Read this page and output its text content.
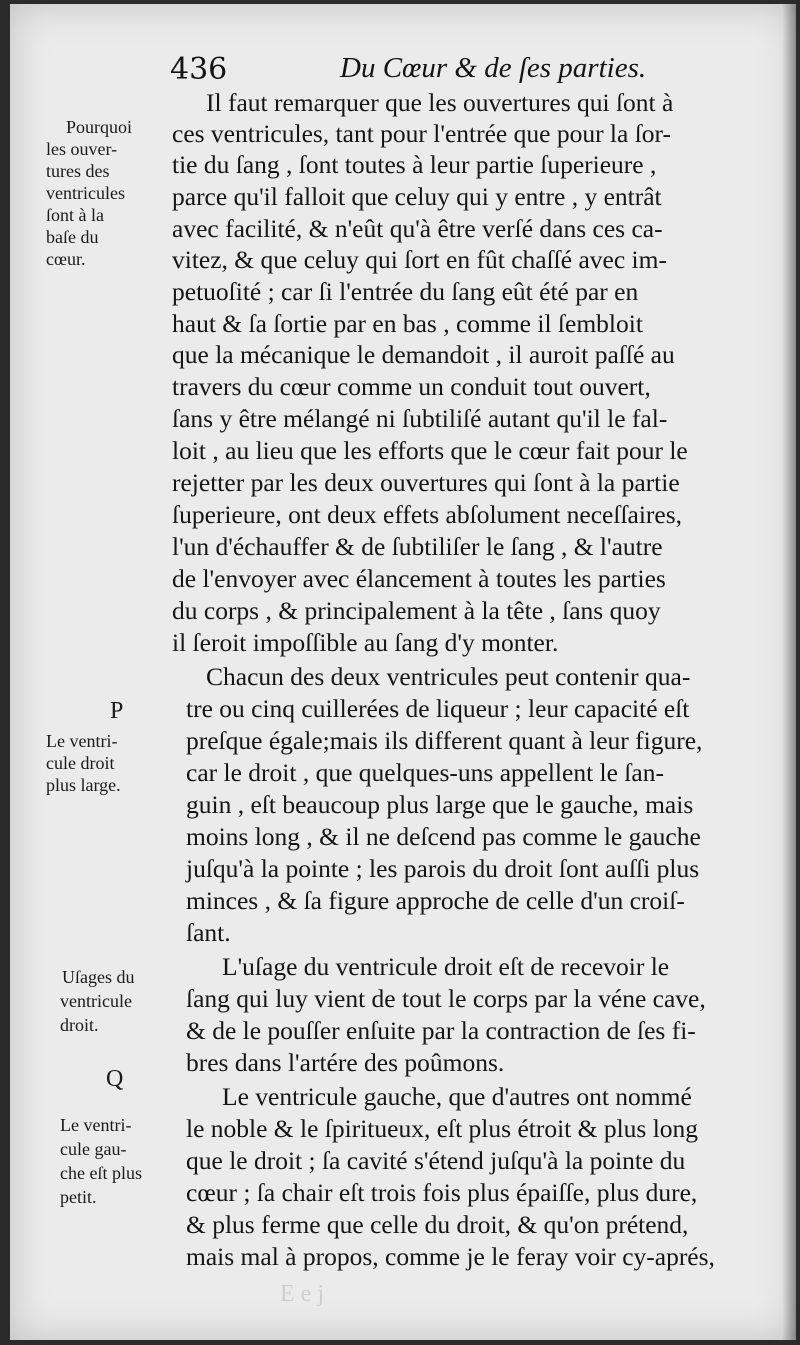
436	Du Cœur & de ſes parties.
Il faut remarquer que les ouvertures qui ſont à
ces ventricules, tant pour l'entrée que pour la ſor-
tie du ſang , ſont toutes à leur partie ſuperieure ,
parce qu'il falloit que celuy qui y entre , y entrât
avec facilité, & n'eût qu'à être verſé dans ces ca-
vitez, & que celuy qui ſort en fût chaſſé avec im-
petuoſité ; car ſi l'entrée du ſang eût été par en
haut & ſa ſortie par en bas , comme il ſembloit
que la mécanique le demandoit , il auroit paſſé au
travers du cœur comme un conduit tout ouvert,
ſans y être mélangé ni ſubtiliſé autant qu'il le fal-
loit , au lieu que les efforts que le cœur fait pour le
rejetter par les deux ouvertures qui ſont à la partie
ſuperieure, ont deux effets abſolument neceſſaires,
l'un d'échauffer & de ſubtiliſer le ſang , & l'autre
de l'envoyer avec élancement à toutes les parties
du corps , & principalement à la tête , ſans quoy
il ſeroit impoſſible au ſang d'y monter.
Chacun des deux ventricules peut contenir qua-
tre ou cinq cuillerées de liqueur ; leur capacité eſt
preſque égale;mais ils different quant à leur figure,
car le droit , que quelques-uns appellent le ſan-
guin , eſt beaucoup plus large que le gauche, mais
moins long , & il ne deſcend pas comme le gauche
juſqu'à la pointe ; les parois du droit ſont auſſi plus
minces , & ſa figure approche de celle d'un croiſ-
ſant.
L'uſage du ventricule droit eſt de recevoir le
ſang qui luy vient de tout le corps par la véne cave,
& de le pouſſer enſuite par la contraction de ſes fi-
bres dans l'artére des poûmons.
Le ventricule gauche, que d'autres ont nommé
le noble & le ſpiritueux, eſt plus étroit & plus long
que le droit ; ſa cavité s'étend juſqu'à la pointe du
cœur ; ſa chair eſt trois fois plus épaiſſe, plus dure,
& plus ferme que celle du droit, & qu'on prétend,
mais mal à propos, comme je le feray voir cy-aprés,
Pourquoi
les ouver-
tures des
ventricules
ſont à la
baſe du
cœur.
P
Le ventri-
cule droit
plus large.
Uſages du
ventricule
droit.
Q
Le ventri-
cule gau-
che eſt plus
petit.
E e j
